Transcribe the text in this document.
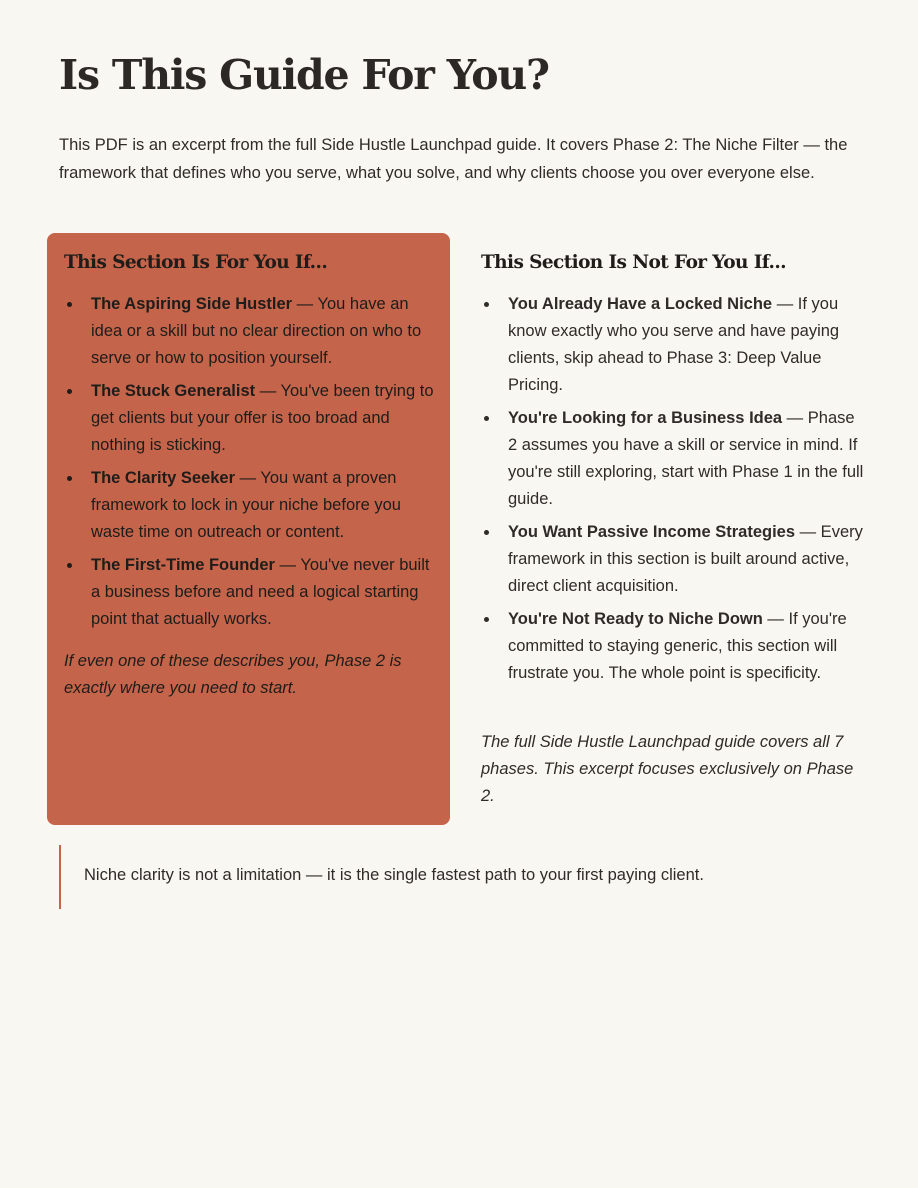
Is This Guide For You?

This PDF is an excerpt from the full Side Hustle Launchpad guide. It covers Phase 2: The Niche Filter — the framework that defines who you serve, what you solve, and why clients choose you over everyone else.

This Section Is For You If...
The Aspiring Side Hustler — You have an idea or a skill but no clear direction on who to serve or how to position yourself.
The Stuck Generalist — You've been trying to get clients but your offer is too broad and nothing is sticking.
The Clarity Seeker — You want a proven framework to lock in your niche before you waste time on outreach or content.
The First-Time Founder — You've never built a business before and need a logical starting point that actually works.

If even one of these describes you, Phase 2 is exactly where you need to start.

This Section Is Not For You If...
You Already Have a Locked Niche — If you know exactly who you serve and have paying clients, skip ahead to Phase 3: Deep Value Pricing.
You're Looking for a Business Idea — Phase 2 assumes you have a skill or service in mind. If you're still exploring, start with Phase 1 in the full guide.
You Want Passive Income Strategies — Every framework in this section is built around active, direct client acquisition.
You're Not Ready to Niche Down — If you're committed to staying generic, this section will frustrate you. The whole point is specificity.

The full Side Hustle Launchpad guide covers all 7 phases. This excerpt focuses exclusively on Phase 2.

Niche clarity is not a limitation — it is the single fastest path to your first paying client.
